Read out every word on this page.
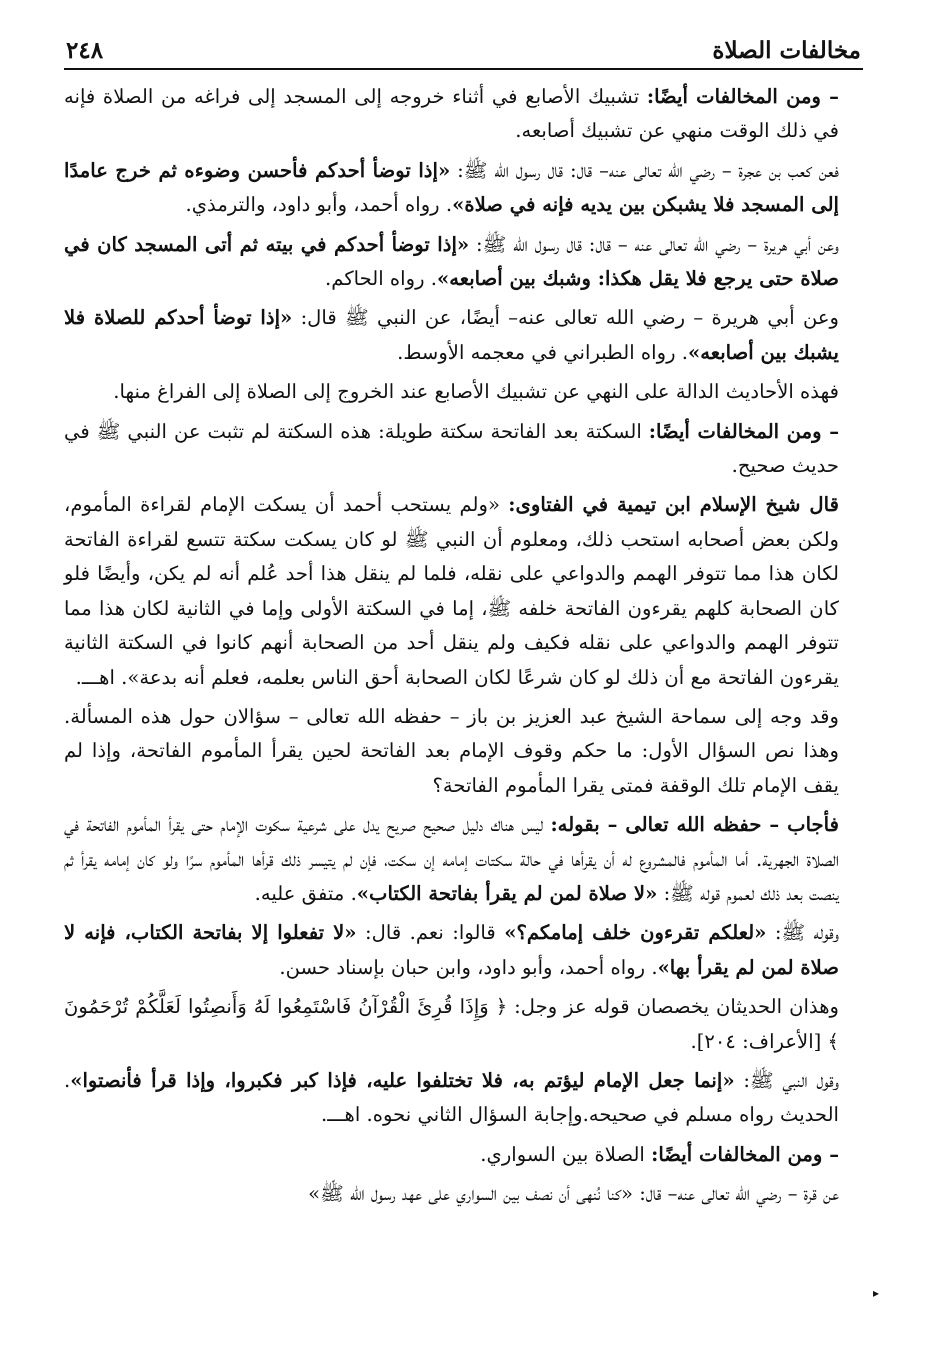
مخالفات الصلاة
٢٤٨

– ومن المخالفات أيضًا: تشبيك الأصابع في أثناء خروجه إلى المسجد إلى فراغه من الصلاة فإنه في ذلك الوقت منهي عن تشبيك أصابعه.

فعن كعب بن عجرة – رضي الله تعالى عنه– قال: قال رسول الله ﷺ: «إذا توضأ أحدكم فأحسن وضوءه ثم خرج عامدًا إلى المسجد فلا يشبكن بين يديه فإنه في صلاة». رواه أحمد، وأبو داود، والترمذي.

وعن أبي هريرة – رضي الله تعالى عنه – قال: قال رسول الله ﷺ: «إذا توضأ أحدكم في بيته ثم أتى المسجد كان في صلاة حتى يرجع فلا يقل هكذا: وشبك بين أصابعه». رواه الحاكم.

وعن أبي هريرة – رضي الله تعالى عنه– أيضًا، عن النبي ﷺ قال: «إذا توضأ أحدكم للصلاة فلا يشبك بين أصابعه». رواه الطبراني في معجمه الأوسط.

فهذه الأحاديث الدالة على النهي عن تشبيك الأصابع عند الخروج إلى الصلاة إلى الفراغ منها.

– ومن المخالفات أيضًا: السكتة بعد الفاتحة سكتة طويلة: هذه السكتة لم تثبت عن النبي ﷺ في حديث صحيح.

قال شيخ الإسلام ابن تيمية في الفتاوى: «ولم يستحب أحمد أن يسكت الإمام لقراءة المأموم، ولكن بعض أصحابه استحب ذلك، ومعلوم أن النبي ﷺ لو كان يسكت سكتة تتسع لقراءة الفاتحة لكان هذا مما تتوفر الهمم والدواعي على نقله، فلما لم ينقل هذا أحد عُلم أنه لم يكن، وأيضًا فلو كان الصحابة كلهم يقرءون الفاتحة خلفه ﷺ، إما في السكتة الأولى وإما في الثانية لكان هذا مما تتوفر الهمم والدواعي على نقله فكيف ولم ينقل أحد من الصحابة أنهم كانوا في السكتة الثانية يقرءون الفاتحة مع أن ذلك لو كان شرعًا لكان الصحابة أحق الناس بعلمه، فعلم أنه بدعة». اهـــ.

وقد وجه إلى سماحة الشيخ عبد العزيز بن باز – حفظه الله تعالى – سؤالان حول هذه المسألة. وهذا نص السؤال الأول: ما حكم وقوف الإمام بعد الفاتحة لحين يقرأ المأموم الفاتحة، وإذا لم يقف الإمام تلك الوقفة فمتى يقرا المأموم الفاتحة؟

فأجاب – حفظه الله تعالى – بقوله: ليس هناك دليل صحيح صريح يدل على شرعية سكوت الإمام حتى يقرأ المأموم الفاتحة في الصلاة الجهرية. أما المأموم فالمشروع له أن يقرأها في حالة سكتات إمامه إن سكت، فإن لم يتيسر ذلك قرأها المأموم سرًا ولو كان إمامه يقرأ ثم ينصت بعد ذلك لعموم قوله ﷺ: «لا صلاة لمن لم يقرأ بفاتحة الكتاب». متفق عليه.

وقوله ﷺ: «لعلكم تقرءون خلف إمامكم؟» قالوا: نعم. قال: «لا تفعلوا إلا بفاتحة الكتاب، فإنه لا صلاة لمن لم يقرأ بها». رواه أحمد، وأبو داود، وابن حبان بإسناد حسن.

وهذان الحديثان يخصصان قوله عز وجل: ﴿ وَإِذَا قُرِئَ الْقُرْآنُ فَاسْتَمِعُوا لَهُ وَأَنصِتُوا لَعَلَّكُمْ تُرْحَمُونَ ﴾ [الأعراف: ٢٠٤].

وقول النبي ﷺ: «إنما جعل الإمام ليؤتم به، فلا تختلفوا عليه، فإذا كبر فكبروا، وإذا قرأ فأنصتوا». الحديث رواه مسلم في صحيحه.وإجابة السؤال الثاني نحوه. اهـــ.

– ومن المخالفات أيضًا: الصلاة بين السواري.

عن قرة – رضي الله تعالى عنه– قال: «كنا نُنهى أن نصف بين السواري على عهد رسول الله ﷺ»

▸
